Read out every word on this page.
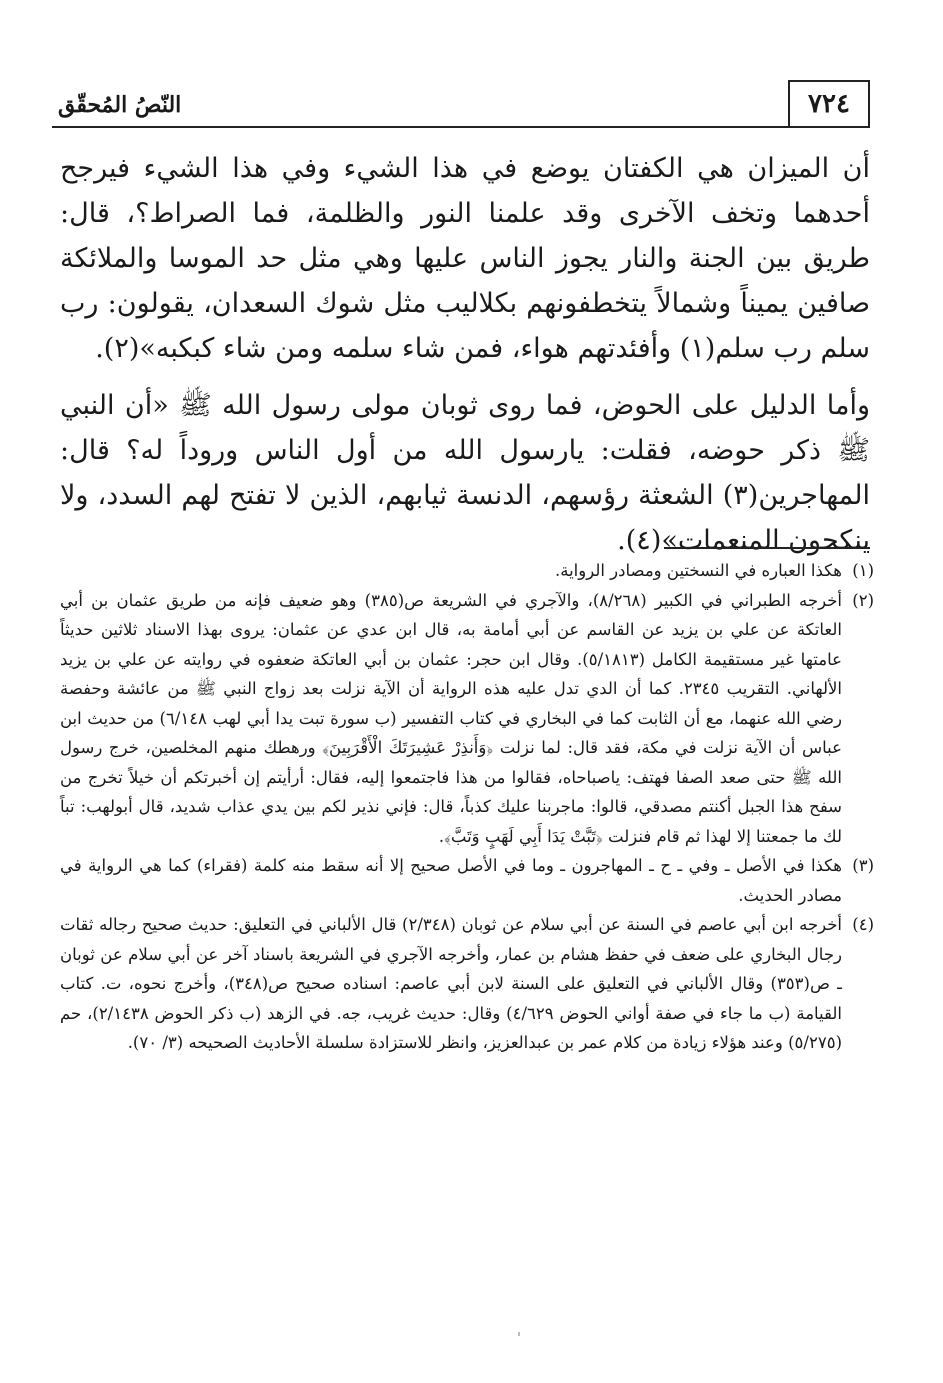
٧٢٤
النّصُ المُحقّق

أن الميزان هي الكفتان يوضع في هذا الشيء وفي هذا الشيء فيرجح أحدهما وتخف الآخرى وقد علمنا النور والظلمة، فما الصراط؟، قال: طريق بين الجنة والنار يجوز الناس عليها وهي مثل حد الموسا والملائكة صافين يميناً وشمالاً يتخطفونهم بكلاليب مثل شوك السعدان، يقولون: رب سلم رب سلم(١) وأفئدتهم هواء، فمن شاء سلمه ومن شاء كبكبه»(٢).

وأما الدليل على الحوض، فما روى ثوبان مولى رسول الله ﷺ «أن النبي ﷺ ذكر حوضه، فقلت: يارسول الله من أول الناس وروداً له؟ قال: المهاجرين(٣) الشعثة رؤسهم، الدنسة ثيابهم، الذين لا تفتح لهم السدد، ولا ينكحون المنعمات»(٤).

(١)
هكذا العباره في النسختين ومصادر الرواية.
(٢)
أخرجه الطبراني في الكبير (٨/٢٦٨)، والآجري في الشريعة ص(٣٨٥) وهو ضعيف فإنه من طريق عثمان بن أبي العاتكة عن علي بن يزيد عن القاسم عن أبي أمامة به، قال ابن عدي عن عثمان: يروى بهذا الاسناد ثلاثين حديثاً عامتها غير مستقيمة الكامل (٥/١٨١٣). وقال ابن حجر: عثمان بن أبي العاتكة ضعفوه في روايته عن علي بن يزيد الألهاني. التقريب ٢٣٤٥. كما أن الدي تدل عليه هذه الرواية أن الآية نزلت بعد زواج النبي ﷺ من عائشة وحفصة رضي الله عنهما، مع أن الثابت كما في البخاري في كتاب التفسير (ب سورة تبت يدا أبي لهب ٦/١٤٨) من حديث ابن عباس أن الآية نزلت في مكة، فقد قال: لما نزلت ﴿وَأَنذِرْ عَشِيرَتَكَ الْأَقْرَبِينَ﴾ ورهطك منهم المخلصين، خرج رسول الله ﷺ حتى صعد الصفا فهتف: ياصباحاه، فقالوا من هذا فاجتمعوا إليه، فقال: أرأيتم إن أخبرتكم أن خيلاً تخرج من سفح هذا الجبل أكنتم مصدقي، قالوا: ماجربنا عليك كذباً، قال: فإني نذير لكم بين يدي عذاب شديد، قال أبولهب: تباً لك ما جمعتنا إلا لهذا ثم قام فنزلت ﴿تَبَّتْ يَدَا أَبِي لَهَبٍ وَتَبَّ﴾.
(٣)
هكذا في الأصل ـ وفي ـ ح ـ المهاجرون ـ وما في الأصل صحيح إلا أنه سقط منه كلمة (فقراء) كما هي الرواية في مصادر الحديث.
(٤)
أخرجه ابن أبي عاصم في السنة عن أبي سلام عن ثوبان (٢/٣٤٨) قال الألباني في التعليق: حديث صحيح رجاله ثقات رجال البخاري على ضعف في حفظ هشام بن عمار، وأخرجه الآجري في الشريعة باسناد آخر عن أبي سلام عن ثوبان ـ ص(٣٥٣) وقال الألباني في التعليق على السنة لابن أبي عاصم: اسناده صحيح ص(٣٤٨)، وأخرج نحوه، ت. كتاب القيامة (ب ما جاء في صفة أواني الحوض ٤/٦٢٩) وقال: حديث غريب، جه. في الزهد (ب ذكر الحوض ٢/١٤٣٨)، حم (٥/٢٧٥) وعند هؤلاء زيادة من كلام عمر بن عبدالعزيز، وانظر للاستزادة سلسلة الأحاديث الصحيحه (٣/ ٧٠).
